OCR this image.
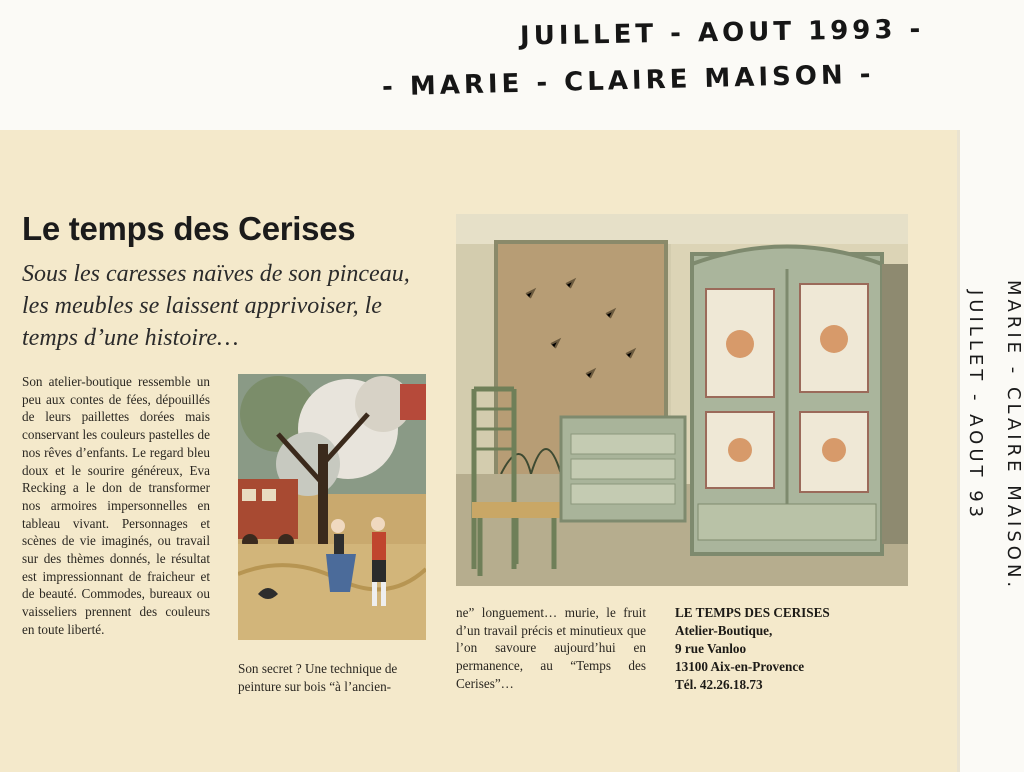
JUILLET - AOUT 1993 -
- MARIE - CLAIRE MAISON -
MARIE - CLAIRE MAISON.
JUILLET - AOUT 93
Le temps des Cerises
Sous les caresses naïves de son pinceau, les meubles se laissent apprivoiser, le temps d’une histoire…
Son atelier-boutique ressemble un peu aux contes de fées, dépouillés de leurs paillettes dorées mais conservant les couleurs pastelles de nos rêves d’enfants. Le regard bleu doux et le sourire généreux, Eva Recking a le don de transformer nos armoires impersonnelles en tableau vivant. Personnages et scènes de vie imaginés, ou travail sur des thèmes donnés, le résultat est impressionnant de fraicheur et de beauté. Commodes, bureaux ou vaisseliers prennent des couleurs en toute liberté.
Son secret ? Une technique de peinture sur bois “à l’ancien-
ne” longuement… murie, le fruit d’un travail précis et minutieux que l’on savoure aujourd’hui en permanence, au “Temps des Cerises”…
LE TEMPS DES CERISES
Atelier-Boutique,
9 rue Vanloo
13100 Aix-en-Provence
Tél. 42.26.18.73
